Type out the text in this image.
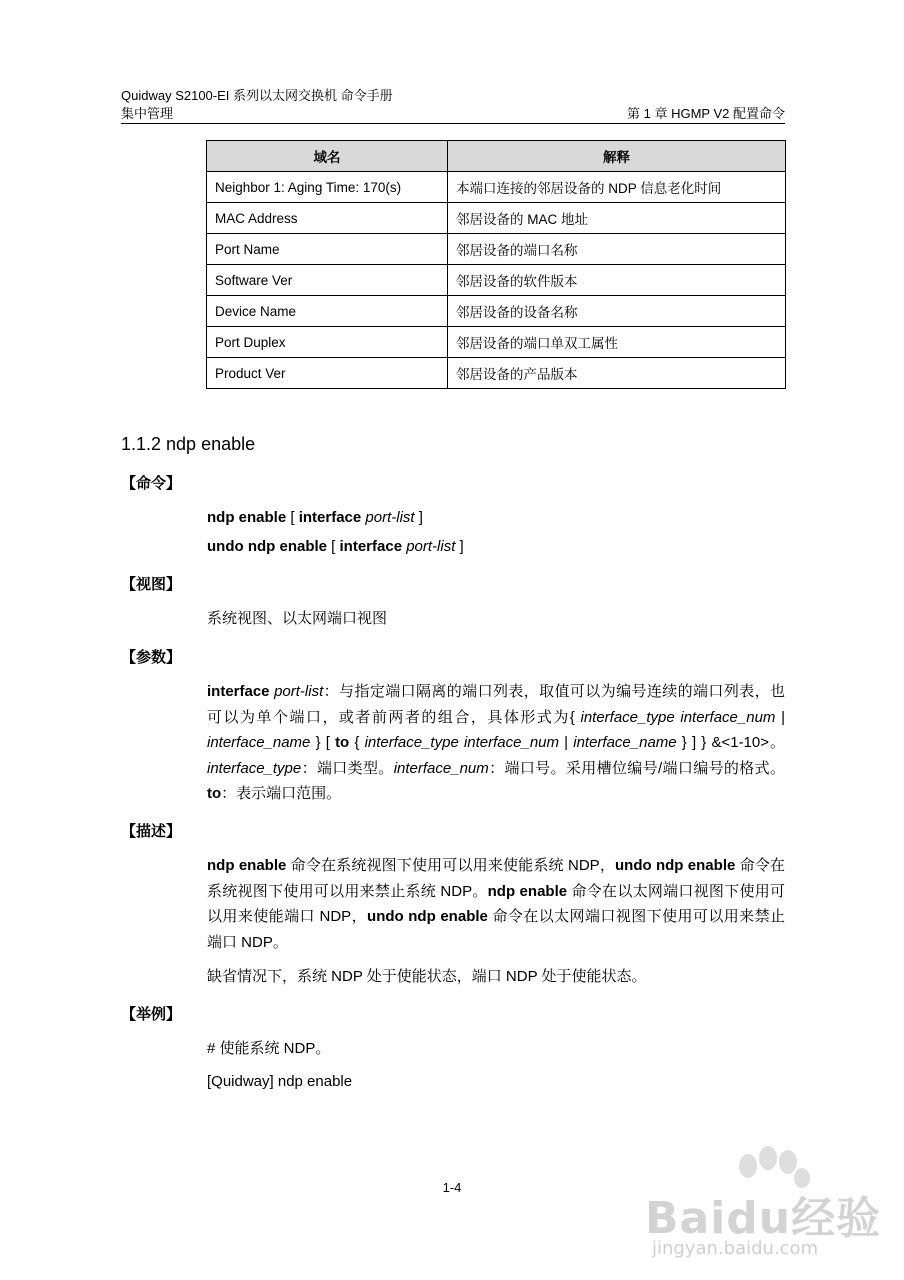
Quidway S2100-EI 系列以太网交换机 命令手册
集中管理	第 1 章 HGMP V2 配置命令
域名	解释
Neighbor 1: Aging Time: 170(s)	本端口连接的邻居设备的 NDP 信息老化时间
MAC Address	邻居设备的 MAC 地址
Port Name	邻居设备的端口名称
Software Ver	邻居设备的软件版本
Device Name	邻居设备的设备名称
Port Duplex	邻居设备的端口单双工属性
Product Ver	邻居设备的产品版本
1.1.2 ndp enable
【命令】
ndp enable [ interface port-list ]
undo ndp enable [ interface port-list ]
【视图】
系统视图、以太网端口视图
【参数】
interface port-list：与指定端口隔离的端口列表，取值可以为编号连续的端口列表，也可以为单个端口，或者前两者的组合，具体形式为{ interface_type interface_num | interface_name } [ to { interface_type interface_num | interface_name } ] } &<1-10>。interface_type：端口类型。interface_num：端口号。采用槽位编号/端口编号的格式。to：表示端口范围。
【描述】
ndp enable 命令在系统视图下使用可以用来使能系统 NDP，undo ndp enable 命令在系统视图下使用可以用来禁止系统 NDP。ndp enable 命令在以太网端口视图下使用可以用来使能端口 NDP，undo ndp enable 命令在以太网端口视图下使用可以用来禁止端口 NDP。
缺省情况下，系统 NDP 处于使能状态，端口 NDP 处于使能状态。
【举例】
# 使能系统 NDP。
[Quidway] ndp enable
1-4
Baidu经验
jingyan.baidu.com
